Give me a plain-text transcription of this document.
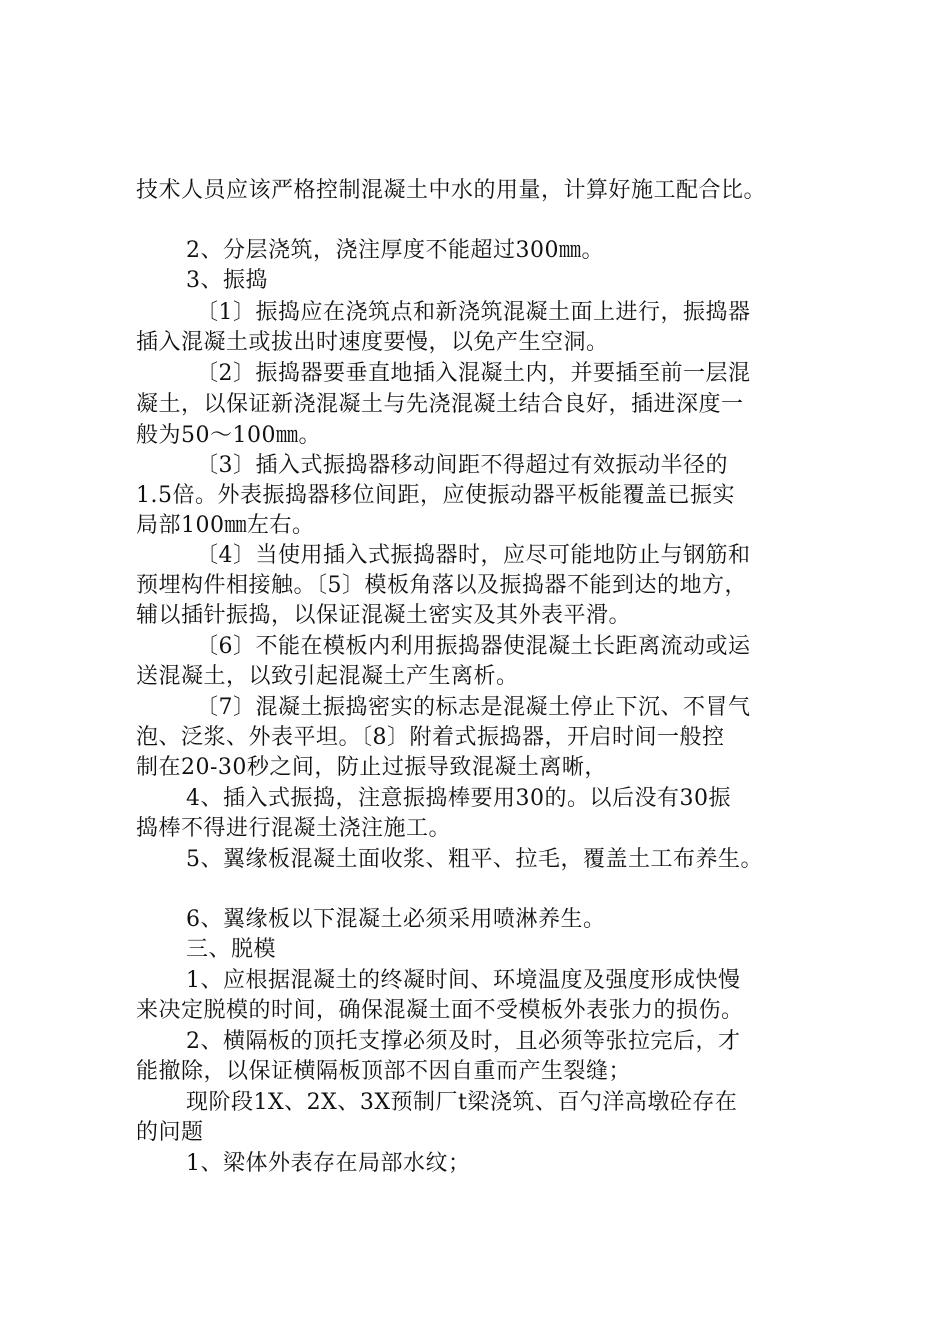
技术人员应该严格控制混凝土中水的用量，计算好施工配合比。
2、分层浇筑，浇注厚度不能超过300㎜。
3、振捣
〔1〕振捣应在浇筑点和新浇筑混凝土面上进行，振捣器
插入混凝土或拔出时速度要慢，以免产生空洞。
〔2〕振捣器要垂直地插入混凝土内，并要插至前一层混
凝土，以保证新浇混凝土与先浇混凝土结合良好，插进深度一
般为50～100㎜。
〔3〕插入式振捣器移动间距不得超过有效振动半径的
1.5倍。外表振捣器移位间距，应使振动器平板能覆盖已振实
局部100㎜左右。
〔4〕当使用插入式振捣器时，应尽可能地防止与钢筋和
预埋构件相接触。〔5〕模板角落以及振捣器不能到达的地方，
辅以插针振捣，以保证混凝土密实及其外表平滑。
〔6〕不能在模板内利用振捣器使混凝土长距离流动或运
送混凝土，以致引起混凝土产生离析。
〔7〕混凝土振捣密实的标志是混凝土停止下沉、不冒气
泡、泛浆、外表平坦。〔8〕附着式振捣器，开启时间一般控
制在20-30秒之间，防止过振导致混凝土离晰，
4、插入式振捣，注意振捣棒要用30的。以后没有30振
捣棒不得进行混凝土浇注施工。
5、翼缘板混凝土面收浆、粗平、拉毛，覆盖土工布养生。
6、翼缘板以下混凝土必须采用喷淋养生。
三、脱模
1、应根据混凝土的终凝时间、环境温度及强度形成快慢
来决定脱模的时间，确保混凝土面不受模板外表张力的损伤。
2、横隔板的顶托支撑必须及时，且必须等张拉完后，才
能撤除，以保证横隔板顶部不因自重而产生裂缝；
现阶段1X、2X、3X预制厂t梁浇筑、百勺洋高墩砼存在
的问题
1、梁体外表存在局部水纹；
